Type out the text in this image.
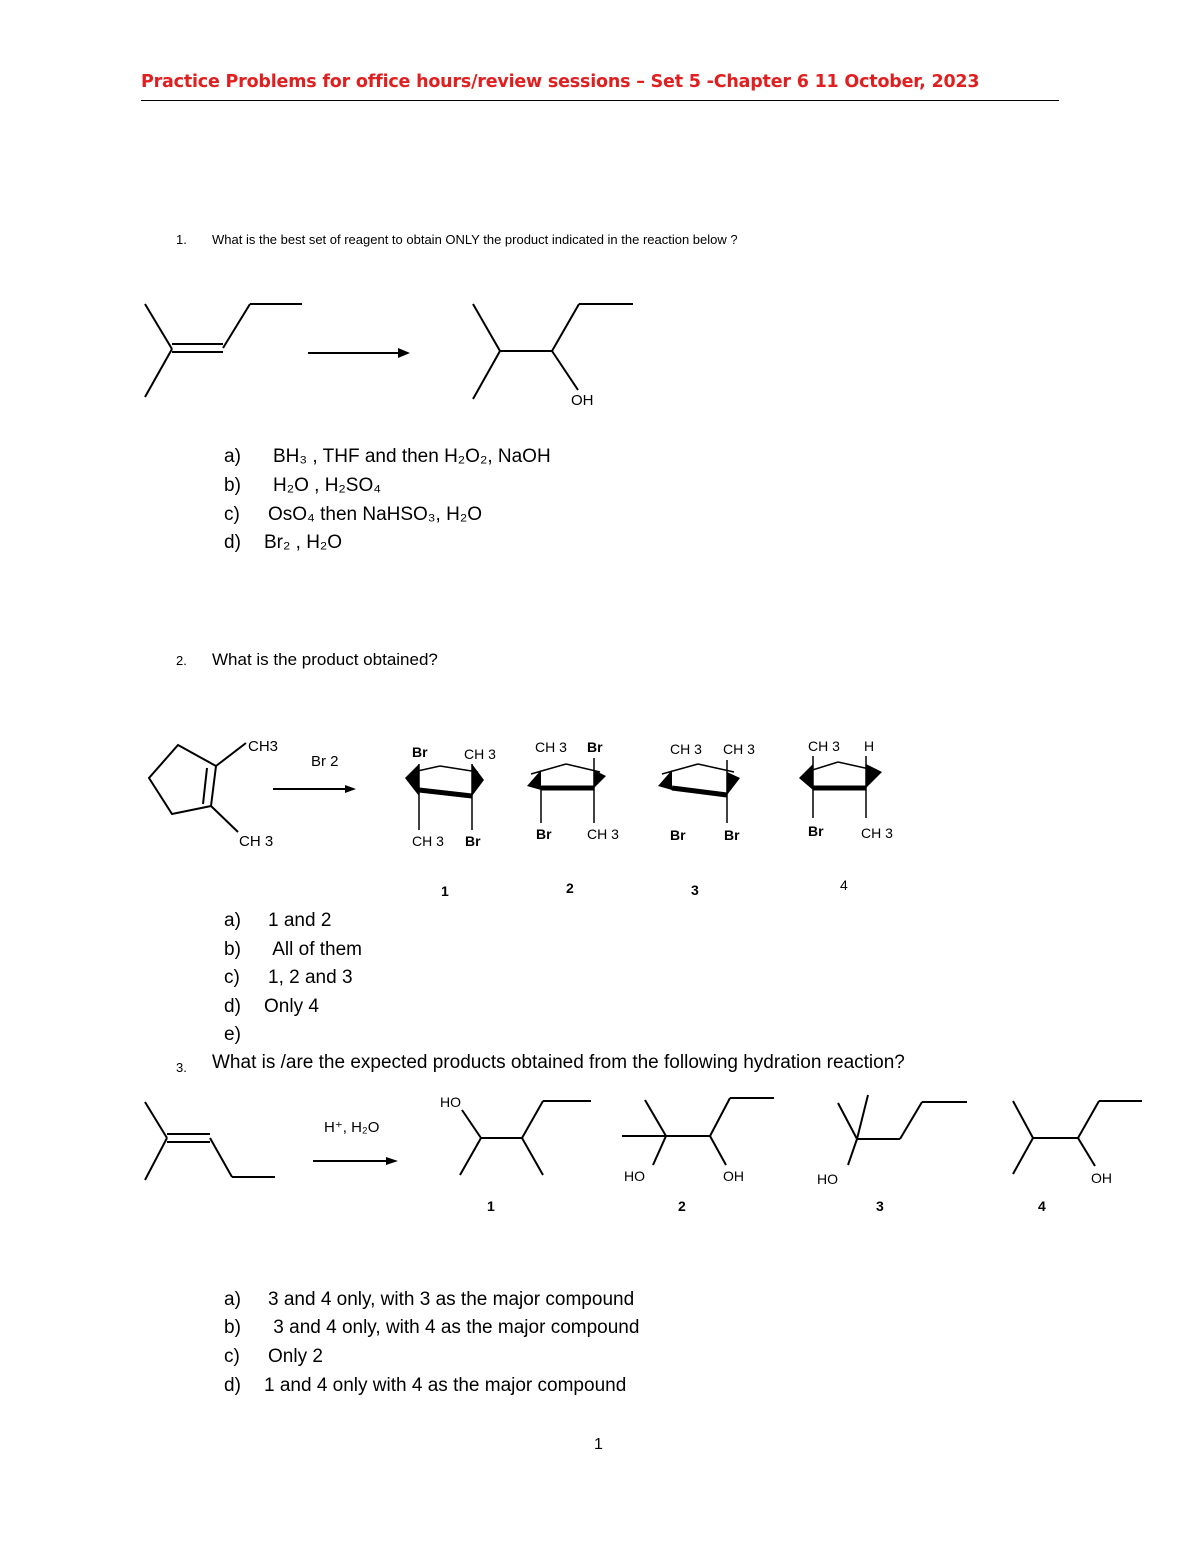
Practice Problems for office hours/review sessions – Set 5 -Chapter 6 11 October, 2023
1. What is the best set of reagent to obtain ONLY the product indicated in the reaction below ?
OH
a) BH₃ , THF and then H₂O₂, NaOH
b) H₂O , H₂SO₄
c) OsO₄ then NaHSO₃, H₂O
d) Br₂ , H₂O
2. What is the product obtained?
CH3
CH 3
Br 2
Br	CH 3
CH 3 Br
1
CH 3 Br
Br	CH 3
2
CH 3 CH 3
Br	Br
3
CH 3 H
Br	CH 3
4
a) 1 and 2
b) All of them
c) 1, 2 and 3
d) Only 4
e)
3. What is /are the expected products obtained from the following hydration reaction?
H⁺, H₂O
HO
1
HO	OH
2
HO
3
OH
4
a) 3 and 4 only, with 3 as the major compound
b) 3 and 4 only, with 4 as the major compound
c) Only 2
d) 1 and 4 only with 4 as the major compound
1
